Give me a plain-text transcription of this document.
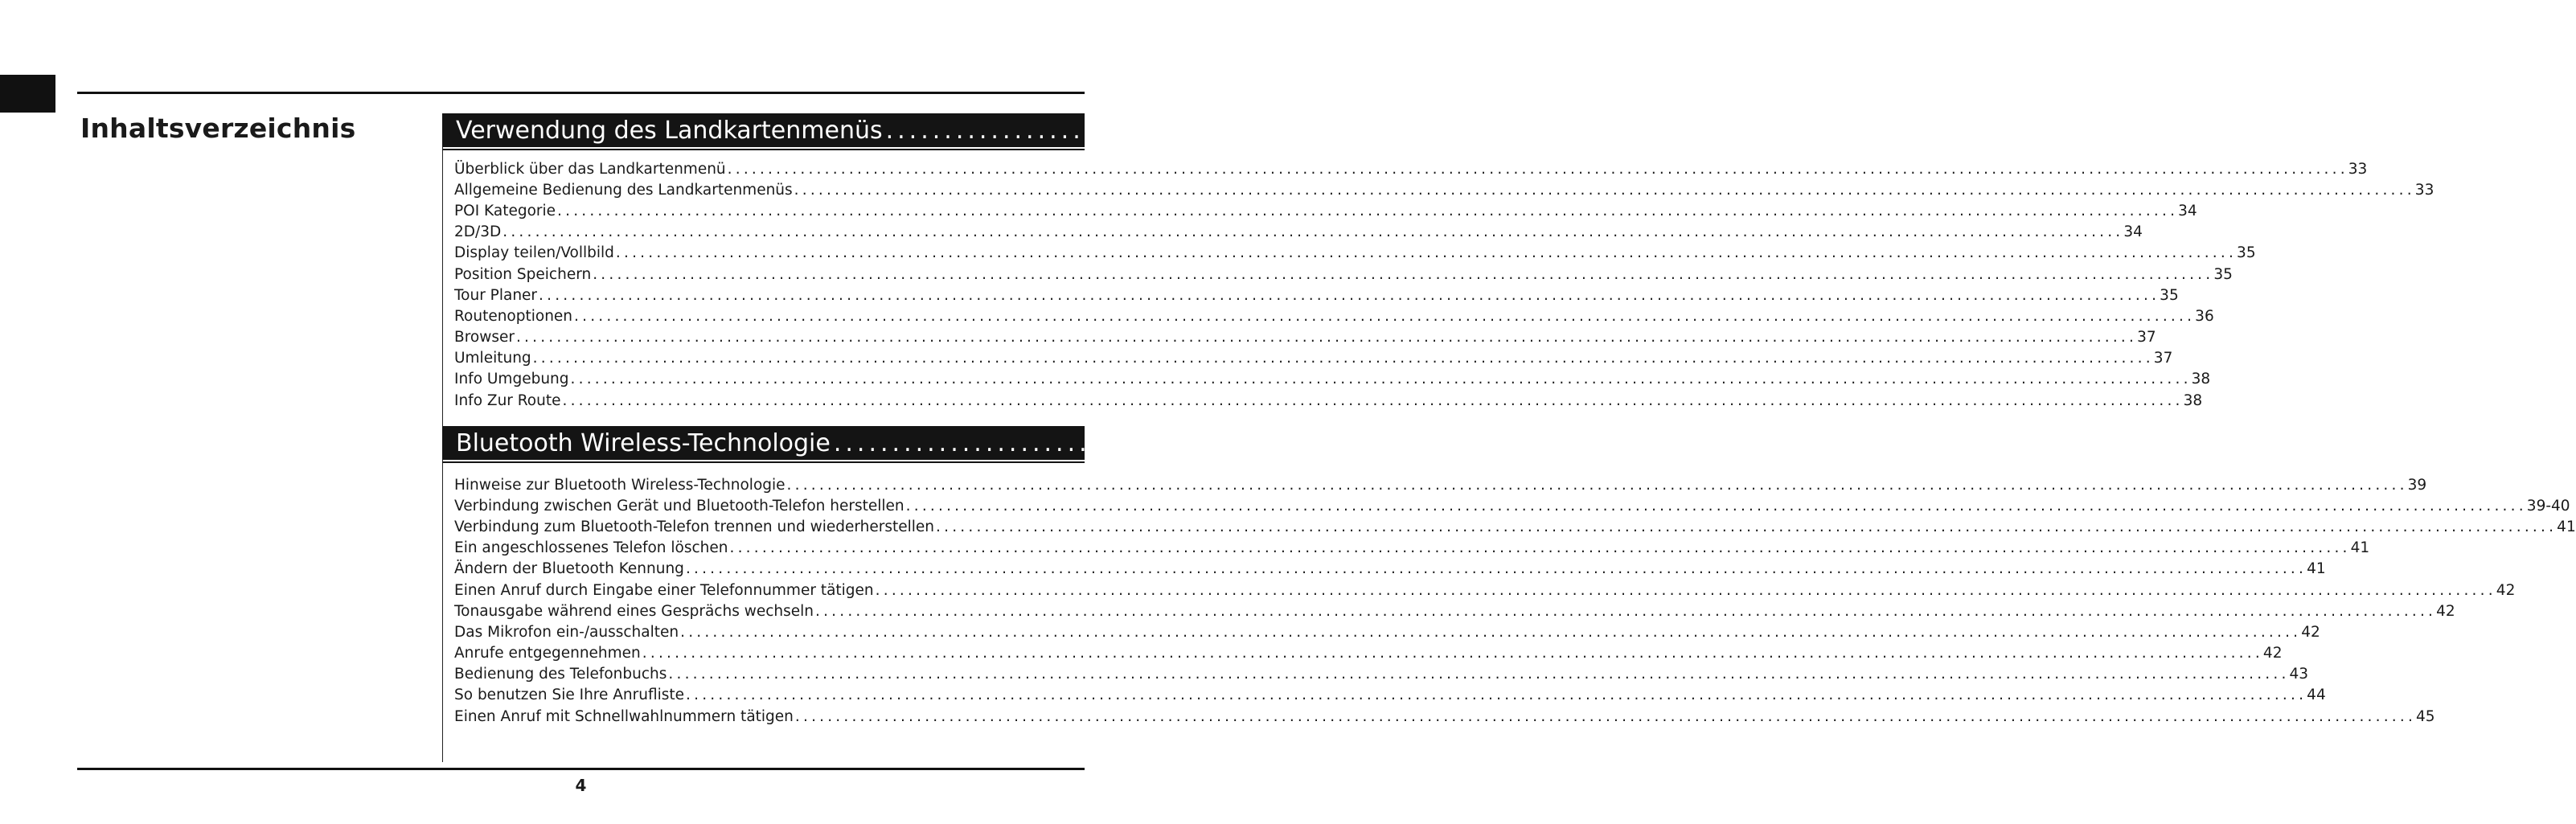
Inhaltsverzeichnis	Verwendung des Landkartenmenüs .............................. .33-38
Überblick über das Landkartenmenü ........................................................................................................................................................................................................ 33
Allgemeine Bedienung des Landkartenmenüs ........................................................................................................................................................................................................ 33
POI Kategorie ........................................................................................................................................................................................................ 34
2D/3D ........................................................................................................................................................................................................ 34
Display teilen/Vollbild ........................................................................................................................................................................................................ 35
Position Speichern ........................................................................................................................................................................................................ 35
Tour Planer ........................................................................................................................................................................................................ 35
Routenoptionen ........................................................................................................................................................................................................ 36
Browser ........................................................................................................................................................................................................ 37
Umleitung ........................................................................................................................................................................................................ 37
Info Umgebung ........................................................................................................................................................................................................ 38
Info Zur Route ........................................................................................................................................................................................................ 38
Bluetooth Wireless-Technologie .............................. .39-45
Hinweise zur Bluetooth Wireless-Technologie ........................................................................................................................................................................................................ 39
Verbindung zwischen Gerät und Bluetooth-Telefon herstellen ........................................................................................................................................................................................................ 39-40
Verbindung zum Bluetooth-Telefon trennen und wiederherstellen ........................................................................................................................................................................................................ 41
Ein angeschlossenes Telefon löschen ........................................................................................................................................................................................................ 41
Ändern der Bluetooth Kennung ........................................................................................................................................................................................................ 41
Einen Anruf durch Eingabe einer Telefonnummer tätigen ........................................................................................................................................................................................................ 42
Tonausgabe während eines Gesprächs wechseln ........................................................................................................................................................................................................ 42
Das Mikrofon ein-/ausschalten ........................................................................................................................................................................................................ 42
Anrufe entgegennehmen ........................................................................................................................................................................................................ 42
Bedienung des Telefonbuchs ........................................................................................................................................................................................................ 43
So benutzen Sie Ihre Anrufliste ........................................................................................................................................................................................................ 44
Einen Anruf mit Schnellwahlnummern tätigen ........................................................................................................................................................................................................ 45
4
